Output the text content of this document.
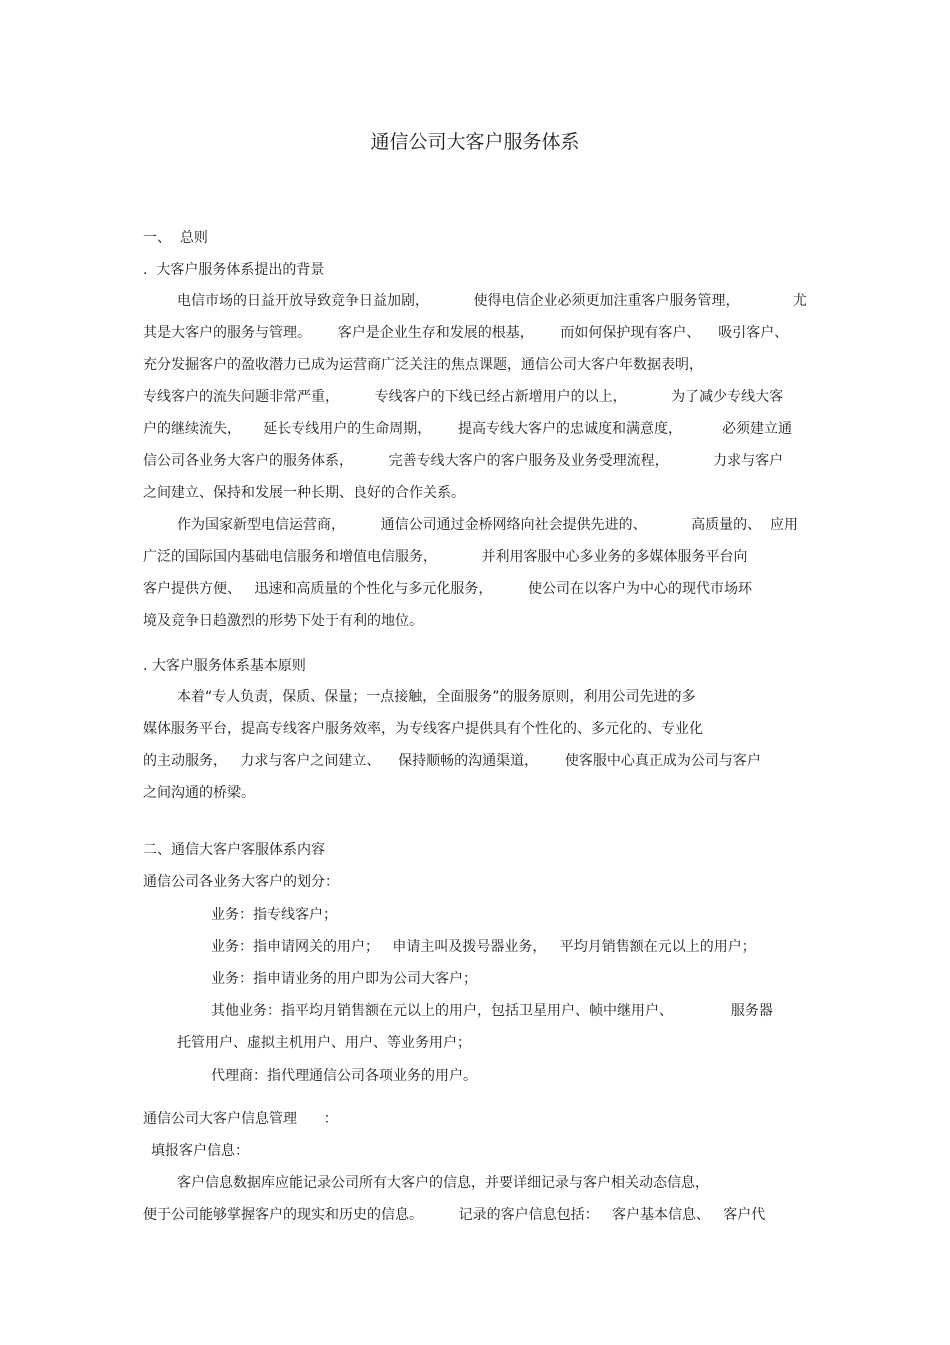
通信公司大客户服务体系
一、  总则
.  大客户服务体系提出的背景
电信市场的日益开放导致竞争日益加剧，          使得电信企业必须更加注重客户服务管理，            尤
其是大客户的服务与管理。      客户是企业生存和发展的根基，      而如何保护现有客户、    吸引客户、
充分发掘客户的盈收潜力已成为运营商广泛关注的焦点课题，通信公司大客户年数据表明，
专线客户的流失问题非常严重，        专线客户的下线已经占新增用户的以上，          为了减少专线大客
户的继续流失，     延长专线用户的生命周期，      提高专线大客户的忠诚度和满意度，         必须建立通
信公司各业务大客户的服务体系，        完善专线大客户的客户服务及业务受理流程，          力求与客户
之间建立、保持和发展一种长期、良好的合作关系。
作为国家新型电信运营商，        通信公司通过金桥网络向社会提供先进的、          高质量的、  应用
广泛的国际国内基础电信服务和增值电信服务，          并利用客服中心多业务的多媒体服务平台向
客户提供方便、   迅速和高质量的个性化与多元化服务，        使公司在以客户为中心的现代市场环
境及竞争日趋激烈的形势下处于有利的地位。
. 大客户服务体系基本原则
本着“专人负责，保质、保量；一点接触，全面服务”的服务原则，利用公司先进的多
媒体服务平台，提高专线客户服务效率，为专线客户提供具有个性化的、多元化的、专业化
的主动服务，   力求与客户之间建立、    保持顺畅的沟通渠道，      使客服中心真正成为公司与客户
之间沟通的桥梁。
二、通信大客户客服体系内容
通信公司各业务大客户的划分：
业务：指专线客户；
业务：指申请网关的用户；   申请主叫及拨号器业务，   平均月销售额在元以上的用户；
业务：指申请业务的用户即为公司大客户；
其他业务：指平均月销售额在元以上的用户，包括卫星用户、帧中继用户、             服务器
托管用户、虚拟主机用户、用户、等业务用户；
代理商：指代理通信公司各项业务的用户。
通信公司大客户信息管理      ：
填报客户信息：
客户信息数据库应能记录公司所有大客户的信息，并要详细记录与客户相关动态信息，
便于公司能够掌握客户的现实和历史的信息。        记录的客户信息包括：   客户基本信息、   客户代
